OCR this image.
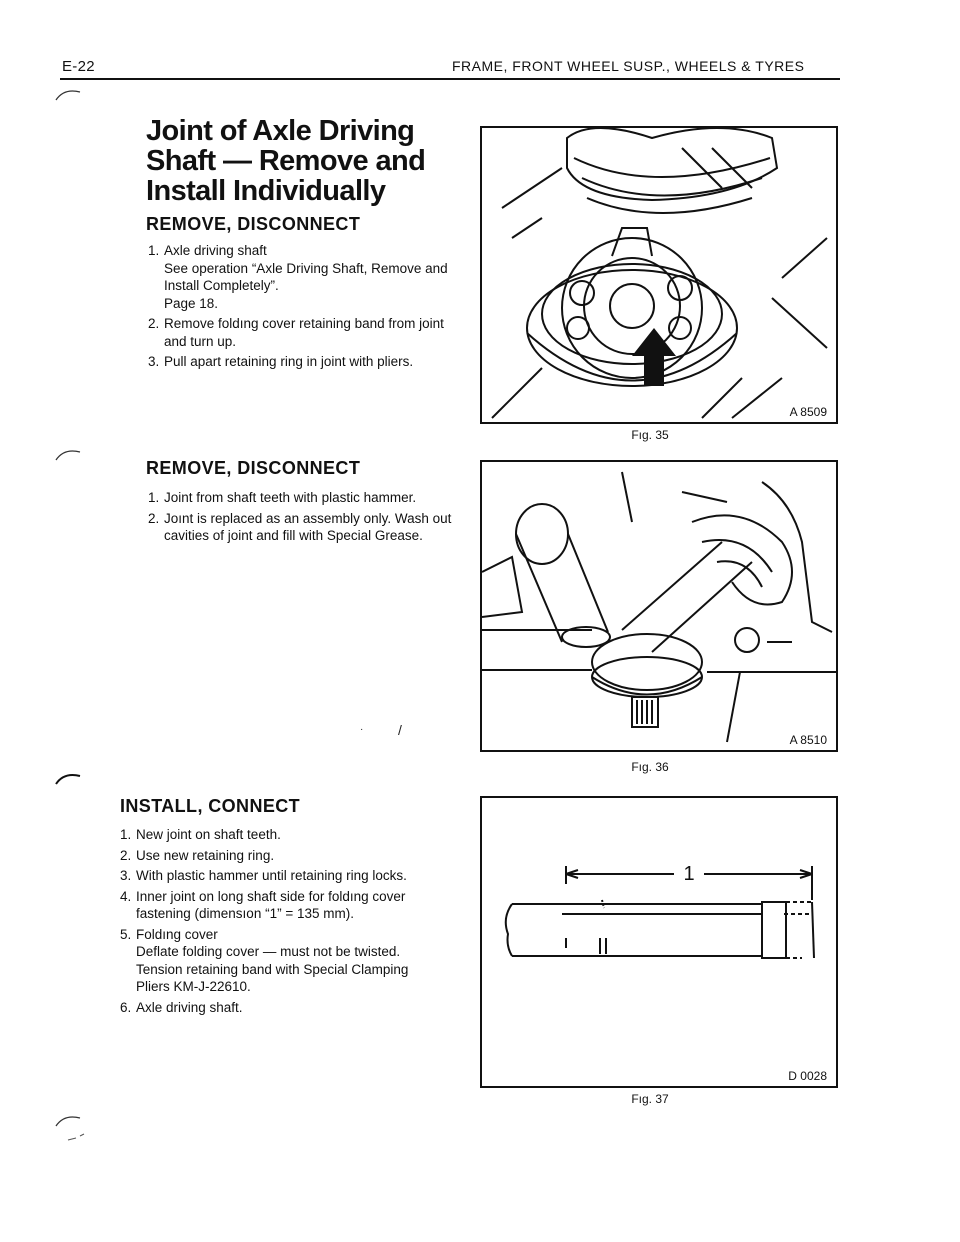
E-22	FRAME, FRONT WHEEL SUSP., WHEELS & TYRES
Joint of Axle Driving Shaft — Remove and Install Individually
REMOVE, DISCONNECT
1. Axle driving shaft
See operation “Axle Driving Shaft, Remove and Install Completely”.
Page 18.
2. Remove foldıng cover retaining band from joint and turn up.
3. Pull apart retaining ring in joint with pliers.
REMOVE, DISCONNECT
1. Joint from shaft teeth with plastic hammer.
2. Joınt is replaced as an assembly only. Wash out cavities of joint and fill with Special Grease.
INSTALL, CONNECT
1. New joint on shaft teeth.
2. Use new retaining ring.
3. With plastic hammer until retaining ring locks.
4. Inner joint on long shaft side for foldıng cover fastening (dimensıon “1” = 135 mm).
5. Foldıng cover
Deflate folding cover — must not be twisted.
Tension retaining band with Special Clamping Pliers KM-J-22610.
6. Axle driving shaft.
/
·
A 8509
Fıg. 35
A 8510
Fıg. 36
1
D 0028
Fıg. 37
